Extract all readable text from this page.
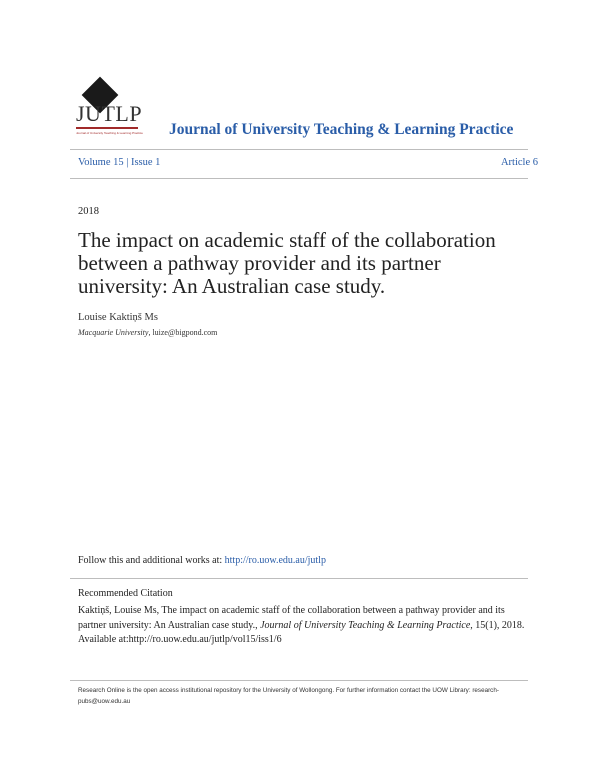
JUTLP
Journal of University Teaching & Learning Practice Journal of University Teaching & Learning Practice
Volume 15 | Issue 1	Article 6
2018
The impact on academic staff of the collaboration between a pathway provider and its partner university: An Australian case study.
Louise Kaktiņš Ms
Macquarie University, luize@bigpond.com
Follow this and additional works at: http://ro.uow.edu.au/jutlp
Recommended Citation
Kaktiņš, Louise Ms, The impact on academic staff of the collaboration between a pathway provider and its partner university: An Australian case study., Journal of University Teaching & Learning Practice, 15(1), 2018.
Available at:http://ro.uow.edu.au/jutlp/vol15/iss1/6
Research Online is the open access institutional repository for the University of Wollongong. For further information contact the UOW Library: research-pubs@uow.edu.au
